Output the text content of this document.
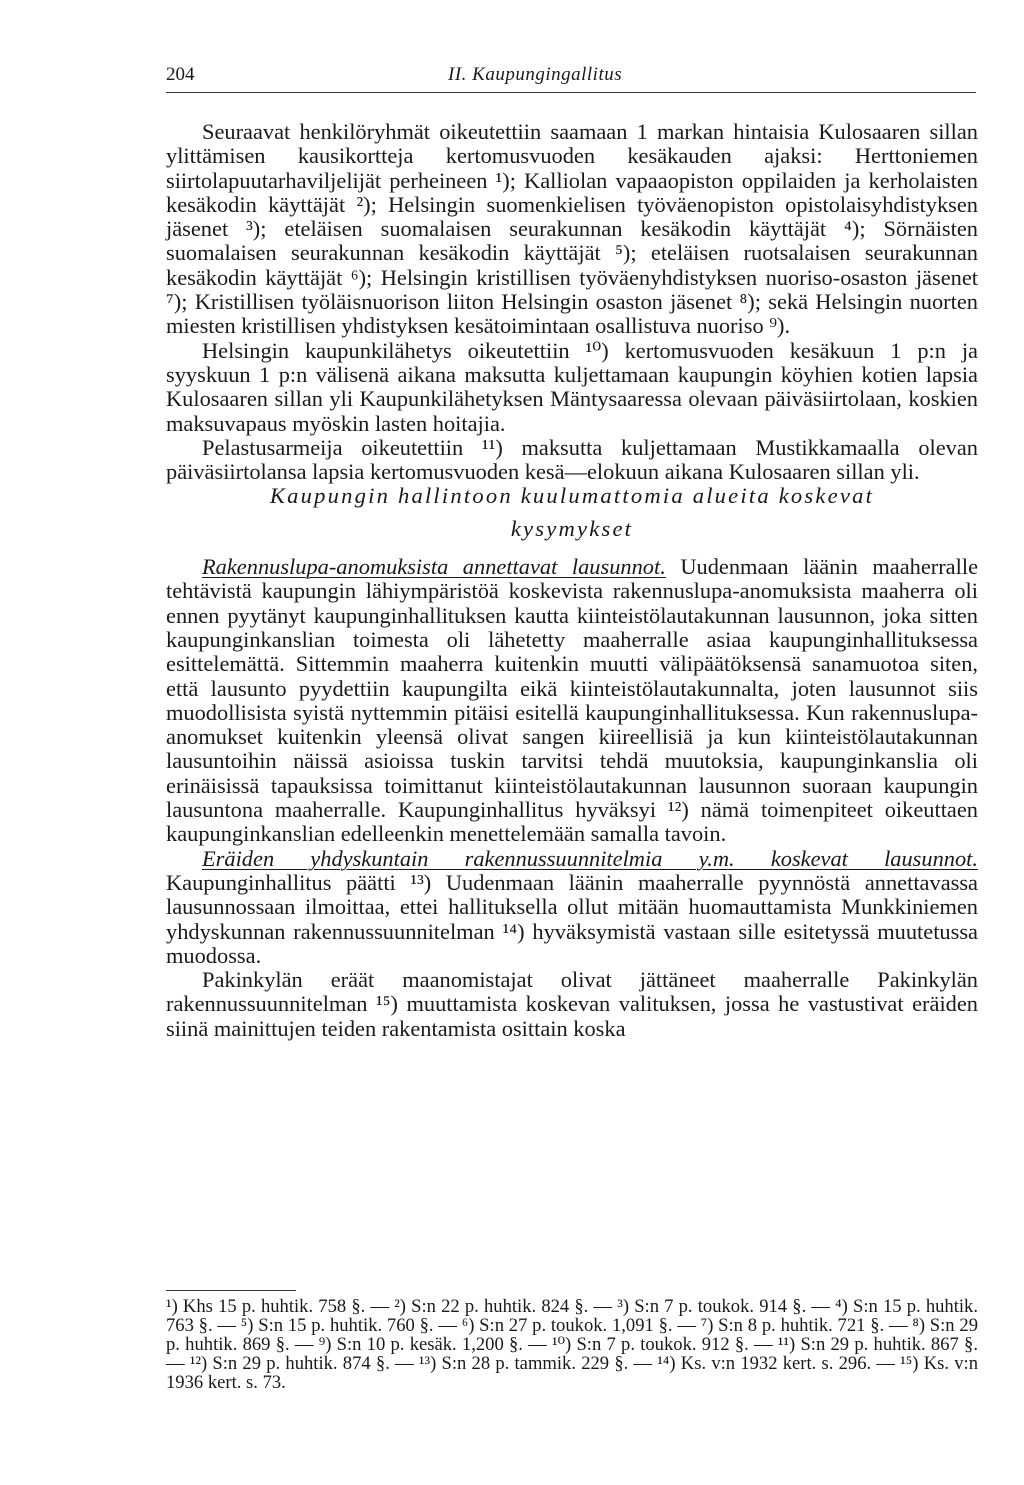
204	II. Kaupungingallitus

Seuraavat henkilöryhmät oikeutettiin saamaan 1 markan hintaisia Kulosaaren sillan ylittämisen kausikortteja kertomusvuoden kesäkauden ajaksi: Herttoniemen siirtolapuutarhaviljelijät perheineen ¹); Kalliolan vapaaopiston oppilaiden ja kerholaisten kesäkodin käyttäjät ²); Helsingin suomenkielisen työväenopiston opistolaisyhdistyksen jäsenet ³); eteläisen suomalaisen seurakunnan kesäkodin käyttäjät ⁴); Sörnäisten suomalaisen seurakunnan kesäkodin käyttäjät ⁵); eteläisen ruotsalaisen seurakunnan kesäkodin käyttäjät ⁶); Helsingin kristillisen työväenyhdistyksen nuoriso-osaston jäsenet ⁷); Kristillisen työläisnuorison liiton Helsingin osaston jäsenet ⁸); sekä Helsingin nuorten miesten kristillisen yhdistyksen kesätoimintaan osallistuva nuoriso ⁹).

Helsingin kaupunkilähetys oikeutettiin ¹⁰) kertomusvuoden kesäkuun 1 p:n ja syyskuun 1 p:n välisenä aikana maksutta kuljettamaan kaupungin köyhien kotien lapsia Kulosaaren sillan yli Kaupunkilähetyksen Mäntysaaressa olevaan päiväsiirtolaan, koskien maksuvapaus myöskin lasten hoitajia.

Pelastusarmeija oikeutettiin ¹¹) maksutta kuljettamaan Mustikkamaalla olevan päiväsiirtolansa lapsia kertomusvuoden kesä—elokuun aikana Kulosaaren sillan yli.

Kaupungin hallintoon kuulumattomia alueita koskevat

kysymykset

Rakennuslupa-anomuksista annettavat lausunnot. Uudenmaan läänin maaherralle tehtävistä kaupungin lähiympäristöä koskevista rakennuslupa-anomuksista maaherra oli ennen pyytänyt kaupunginhallituksen kautta kiinteistölautakunnan lausunnon, joka sitten kaupunginkanslian toimesta oli lähetetty maaherralle asiaa kaupunginhallituksessa esittelemättä. Sittemmin maaherra kuitenkin muutti välipäätöksensä sanamuotoa siten, että lausunto pyydettiin kaupungilta eikä kiinteistölautakunnalta, joten lausunnot siis muodollisista syistä nyttemmin pitäisi esitellä kaupunginhallituksessa. Kun rakennuslupa-anomukset kuitenkin yleensä olivat sangen kiireellisiä ja kun kiinteistölautakunnan lausuntoihin näissä asioissa tuskin tarvitsi tehdä muutoksia, kaupunginkanslia oli erinäisissä tapauksissa toimittanut kiinteistölautakunnan lausunnon suoraan kaupungin lausuntona maaherralle. Kaupunginhallitus hyväksyi ¹²) nämä toimenpiteet oikeuttaen kaupunginkanslian edelleenkin menettelemään samalla tavoin.

Eräiden yhdyskuntain rakennussuunnitelmia y.m. koskevat lausunnot. Kaupunginhallitus päätti ¹³) Uudenmaan läänin maaherralle pyynnöstä annettavassa lausunnossaan ilmoittaa, ettei hallituksella ollut mitään huomauttamista Munkkiniemen yhdyskunnan rakennussuunnitelman ¹⁴) hyväksymistä vastaan sille esitetyssä muutetussa muodossa.

Pakinkylän eräät maanomistajat olivat jättäneet maaherralle Pakinkylän rakennussuunnitelman ¹⁵) muuttamista koskevan valituksen, jossa he vastustivat eräiden siinä mainittujen teiden rakentamista osittain koska

¹) Khs 15 p. huhtik. 758 §. — ²) S:n 22 p. huhtik. 824 §. — ³) S:n 7 p. toukok. 914 §. — ⁴) S:n 15 p. huhtik. 763 §. — ⁵) S:n 15 p. huhtik. 760 §. — ⁶) S:n 27 p. toukok. 1,091 §. — ⁷) S:n 8 p. huhtik. 721 §. — ⁸) S:n 29 p. huhtik. 869 §. — ⁹) S:n 10 p. kesäk. 1,200 §. — ¹⁰) S:n 7 p. toukok. 912 §. — ¹¹) S:n 29 p. huhtik. 867 §. — ¹²) S:n 29 p. huhtik. 874 §. — ¹³) S:n 28 p. tammik. 229 §. — ¹⁴) Ks. v:n 1932 kert. s. 296. — ¹⁵) Ks. v:n 1936 kert. s. 73.
